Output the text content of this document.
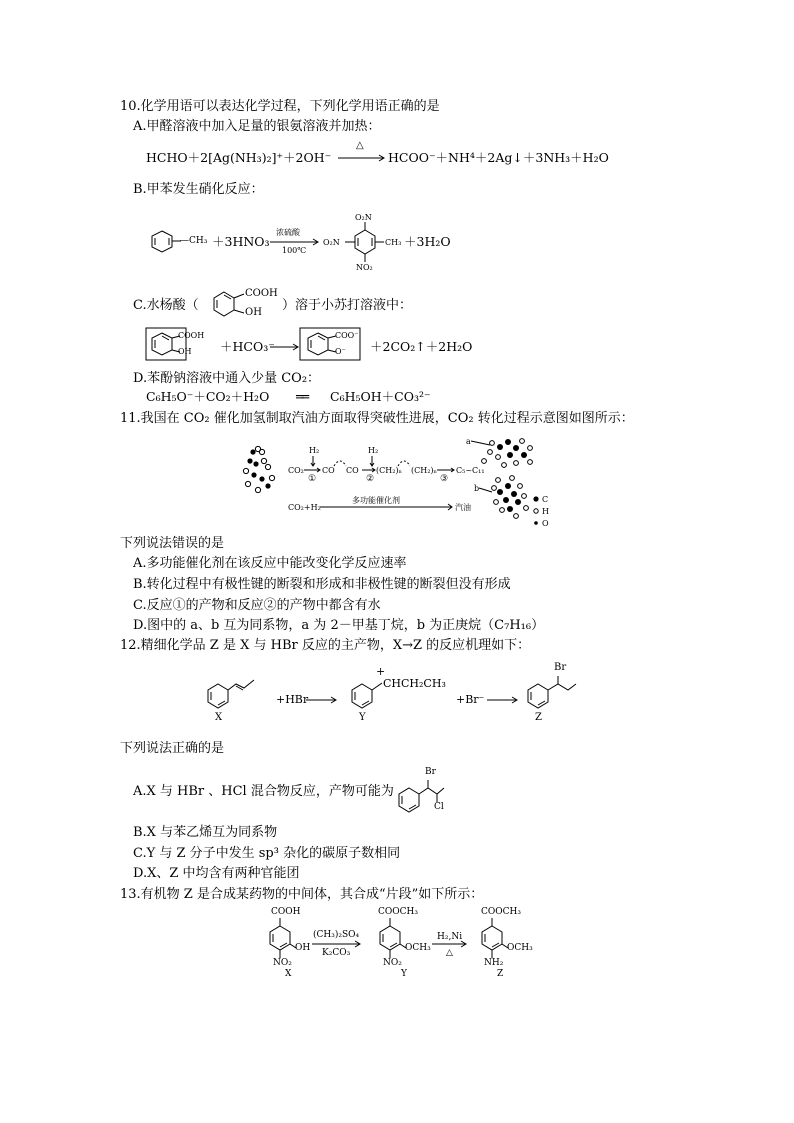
10.化学用语可以表达化学过程，下列化学用语正确的是
A.甲醛溶液中加入足量的银氨溶液并加热：
HCHO＋2[Ag(NH₃)₂]⁺＋2OH⁻
△
HCOO⁻＋NH⁴＋2Ag↓＋3NH₃＋H₂O
B.甲苯发生硝化反应：
—CH₃ ＋3HNO₃
浓硫酸
100℃
O₂N
O₂N	CH₃
NO₂
＋3H₂O
C.水杨酸（
COOH
OH ）溶于小苏打溶液中：
COOH
OH ＋HCO₃⁻
COO⁻
O⁻ ＋2CO₂↑＋2H₂O
D.苯酚钠溶液中通入少量 CO₂：
C₆H₅O⁻＋CO₂＋H₂O ══ C₆H₅OH＋CO₃²⁻
11.我国在 CO₂ 催化加氢制取汽油方面取得突破性进展，CO₂ 转化过程示意图如图所示：
H₂	H₂
CO₂ CO CO (CH₂)ₙ (CH₂)ₙ C₅~C₁₁
①	②	③
CO₂+H₂
多功能催化剂
汽油
a
b
C
H
O
下列说法错误的是
A.多功能催化剂在该反应中能改变化学反应速率
B.转化过程中有极性键的断裂和形成和非极性键的断裂但没有形成
C.反应①的产物和反应②的产物中都含有水
D.图中的 a、b 互为同系物，a 为 2－甲基丁烷，b 为正庚烷（C₇H₁₆）
12.精细化学品 Z 是 X 与 HBr 反应的主产物，X→Z 的反应机理如下：
X
+HBr
+
CHCH₂CH₃
Y
+Br⁻
Br
Z
下列说法正确的是
A.X 与 HBr 、HCl 混合物反应，产物可能为
Br
Cl
B.X 与苯乙烯互为同系物
C.Y 与 Z 分子中发生 sp³ 杂化的碳原子数相同
D.X、Z 中均含有两种官能团
13.有机物 Z 是合成某药物的中间体，其合成“片段”如下所示：
COOH
OH
NO₂
X
(CH₃)₂SO₄
K₂CO₃
COOCH₃
OCH₃
NO₂
Y
H₂,Ni
△
COOCH₃
OCH₃
NH₂
Z
